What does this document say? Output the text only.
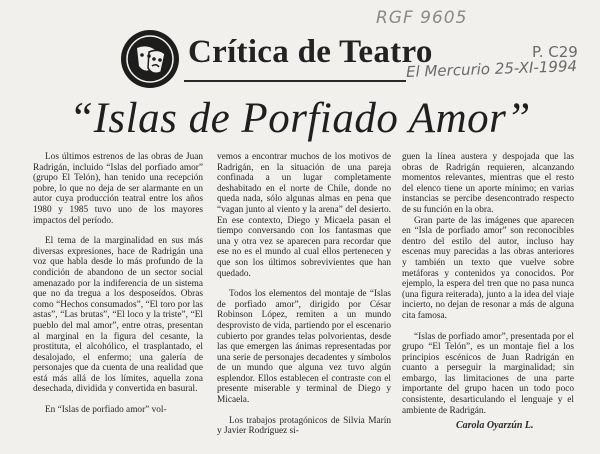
Crítica de Teatro
RGF 9605
P. C29
El Mercurio 25-XI-1994
“Islas de Porfiado Amor”

Los últimos estrenos de las obras de Juan Radrigán, incluido “Islas del porfiado amor” (grupo El Telón), han tenido una recepción pobre, lo que no deja de ser alarmante en un autor cuya producción teatral entre los años 1980 y 1985 tuvo uno de los mayores impactos del período.

El tema de la marginalidad en sus más diversas expresiones, hace de Radrigán una voz que habla desde lo más profundo de la condición de abandono de un sector social amenazado por la indiferencia de un sistema que no da tregua a los desposeídos. Obras como “Hechos consumados”, “El toro por las astas”, “Las brutas”, “El loco y la triste”, “El pueblo del mal amor”, entre otras, presentan al marginal en la figura del cesante, la prostituta, el alcohólico, el trasplantado, el desalojado, el enfermo; una galería de personajes que da cuenta de una realidad que está más allá de los límites, aquella zona desechada, dividida y convertida en basural.

En “Islas de porfiado amor” vol-

vemos a encontrar muchos de los motivos de Radrigán, en la situación de una pareja confinada a un lugar completamente deshabitado en el norte de Chile, donde no queda nada, sólo algunas almas en pena que “vagan junto al viento y la arena” del desierto. En ese contexto, Diego y Micaela pasan el tiempo conversando con los fantasmas que una y otra vez se aparecen para recordar que ese no es el mundo al cual ellos pertenecen y que son los últimos sobrevivientes que han quedado.

Todos los elementos del montaje de “Islas de porfiado amor”, dirigido por César Robinson López, remiten a un mundo desprovisto de vida, partiendo por el escenario cubierto por grandes telas polvorientas, desde las que emergen las ánimas representadas por una serie de personajes decadentes y símbolos de un mundo que alguna vez tuvo algún esplendor. Ellos establecen el contraste con el presente miserable y terminal de Diego y Micaela.

Los trabajos protagónicos de Silvia Marín y Javier Rodríguez si-

guen la línea austera y despojada que las obras de Radrigán requieren, alcanzando momentos relevantes, mientras que el resto del elenco tiene un aporte mínimo; en varias instancias se percibe desencontrado respecto de su función en la obra.

Gran parte de las imágenes que aparecen en “Isla de porfiado amor” son reconocibles dentro del estilo del autor, incluso hay escenas muy parecidas a las obras anteriores y también un texto que vuelve sobre metáforas y contenidos ya conocidos. Por ejemplo, la espera del tren que no pasa nunca (una figura reiterada), junto a la idea del viaje incierto, no dejan de resonar a más de alguna cita famosa.

“Islas de porfiado amor”, presentada por el grupo “El Telón”, es un montaje fiel a los principios escénicos de Juan Radrigán en cuanto a perseguir la marginalidad; sin embargo, las limitaciones de una parte importante del grupo hacen un todo poco consistente, desarticulando el lenguaje y el ambiente de Radrigán.

Carola Oyarzún L.
